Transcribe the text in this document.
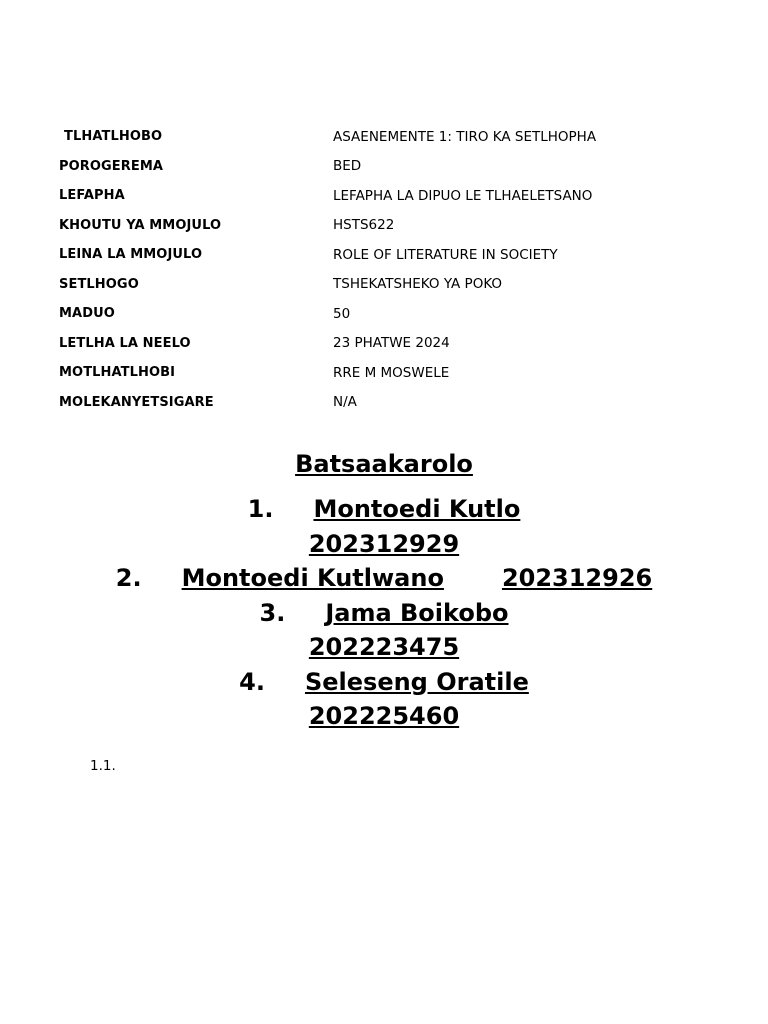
TLHATLHOBO	ASAENEMENTE 1: TIRO KA SETLHOPHA
POROGEREMA	BED
LEFAPHA	LEFAPHA LA DIPUO LE TLHAELETSANO
KHOUTU YA MMOJULO	HSTS622
LEINA LA MMOJULO	ROLE OF LITERATURE IN SOCIETY
SETLHOGO	TSHEKATSHEKO YA POKO
MADUO	50
LETLHA LA NEELO	23 PHATWE 2024
MOTLHATLHOBI	RRE M MOSWELE
MOLEKANYETSIGARE	N/A
Batsaakarolo
1. Montoedi Kutlo
202312929
2. Montoedi Kutlwano 202312926
3. Jama Boikobo
202223475
4. Seleseng Oratile
202225460
1.1.
